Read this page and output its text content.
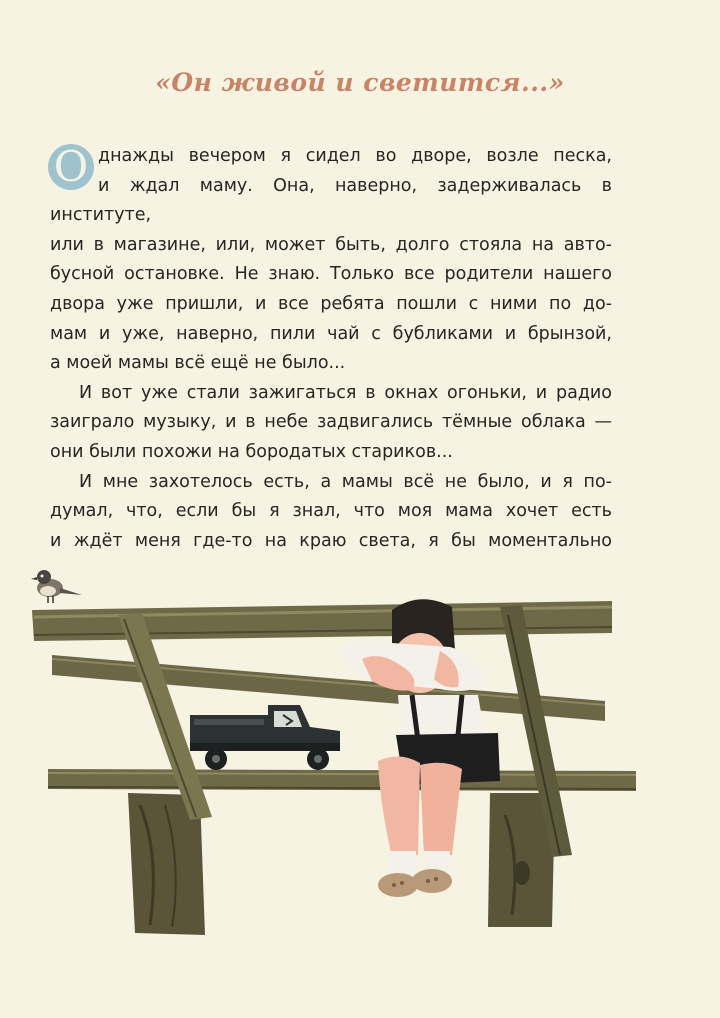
«Он живой и светится...»
О днажды вечером я сидел во дворе, возле песка,

и ждал маму. Она, наверно, задерживалась в институте,

или в магазине, или, может быть, долго стояла на авто-

бусной остановке. Не знаю. Только все родители нашего

двора уже пришли, и все ребята пошли с ними по до-

мам и уже, наверно, пили чай с бубликами и брынзой,

а моей мамы всё ещё не было...

И вот уже стали зажигаться в окнах огоньки, и радио

заиграло музыку, и в небе задвигались тёмные облака —

они были похожи на бородатых стариков...

И мне захотелось есть, а мамы всё не было, и я по-

думал, что, если бы я знал, что моя мама хочет есть

и ждёт меня где-то на краю света, я бы моментально
